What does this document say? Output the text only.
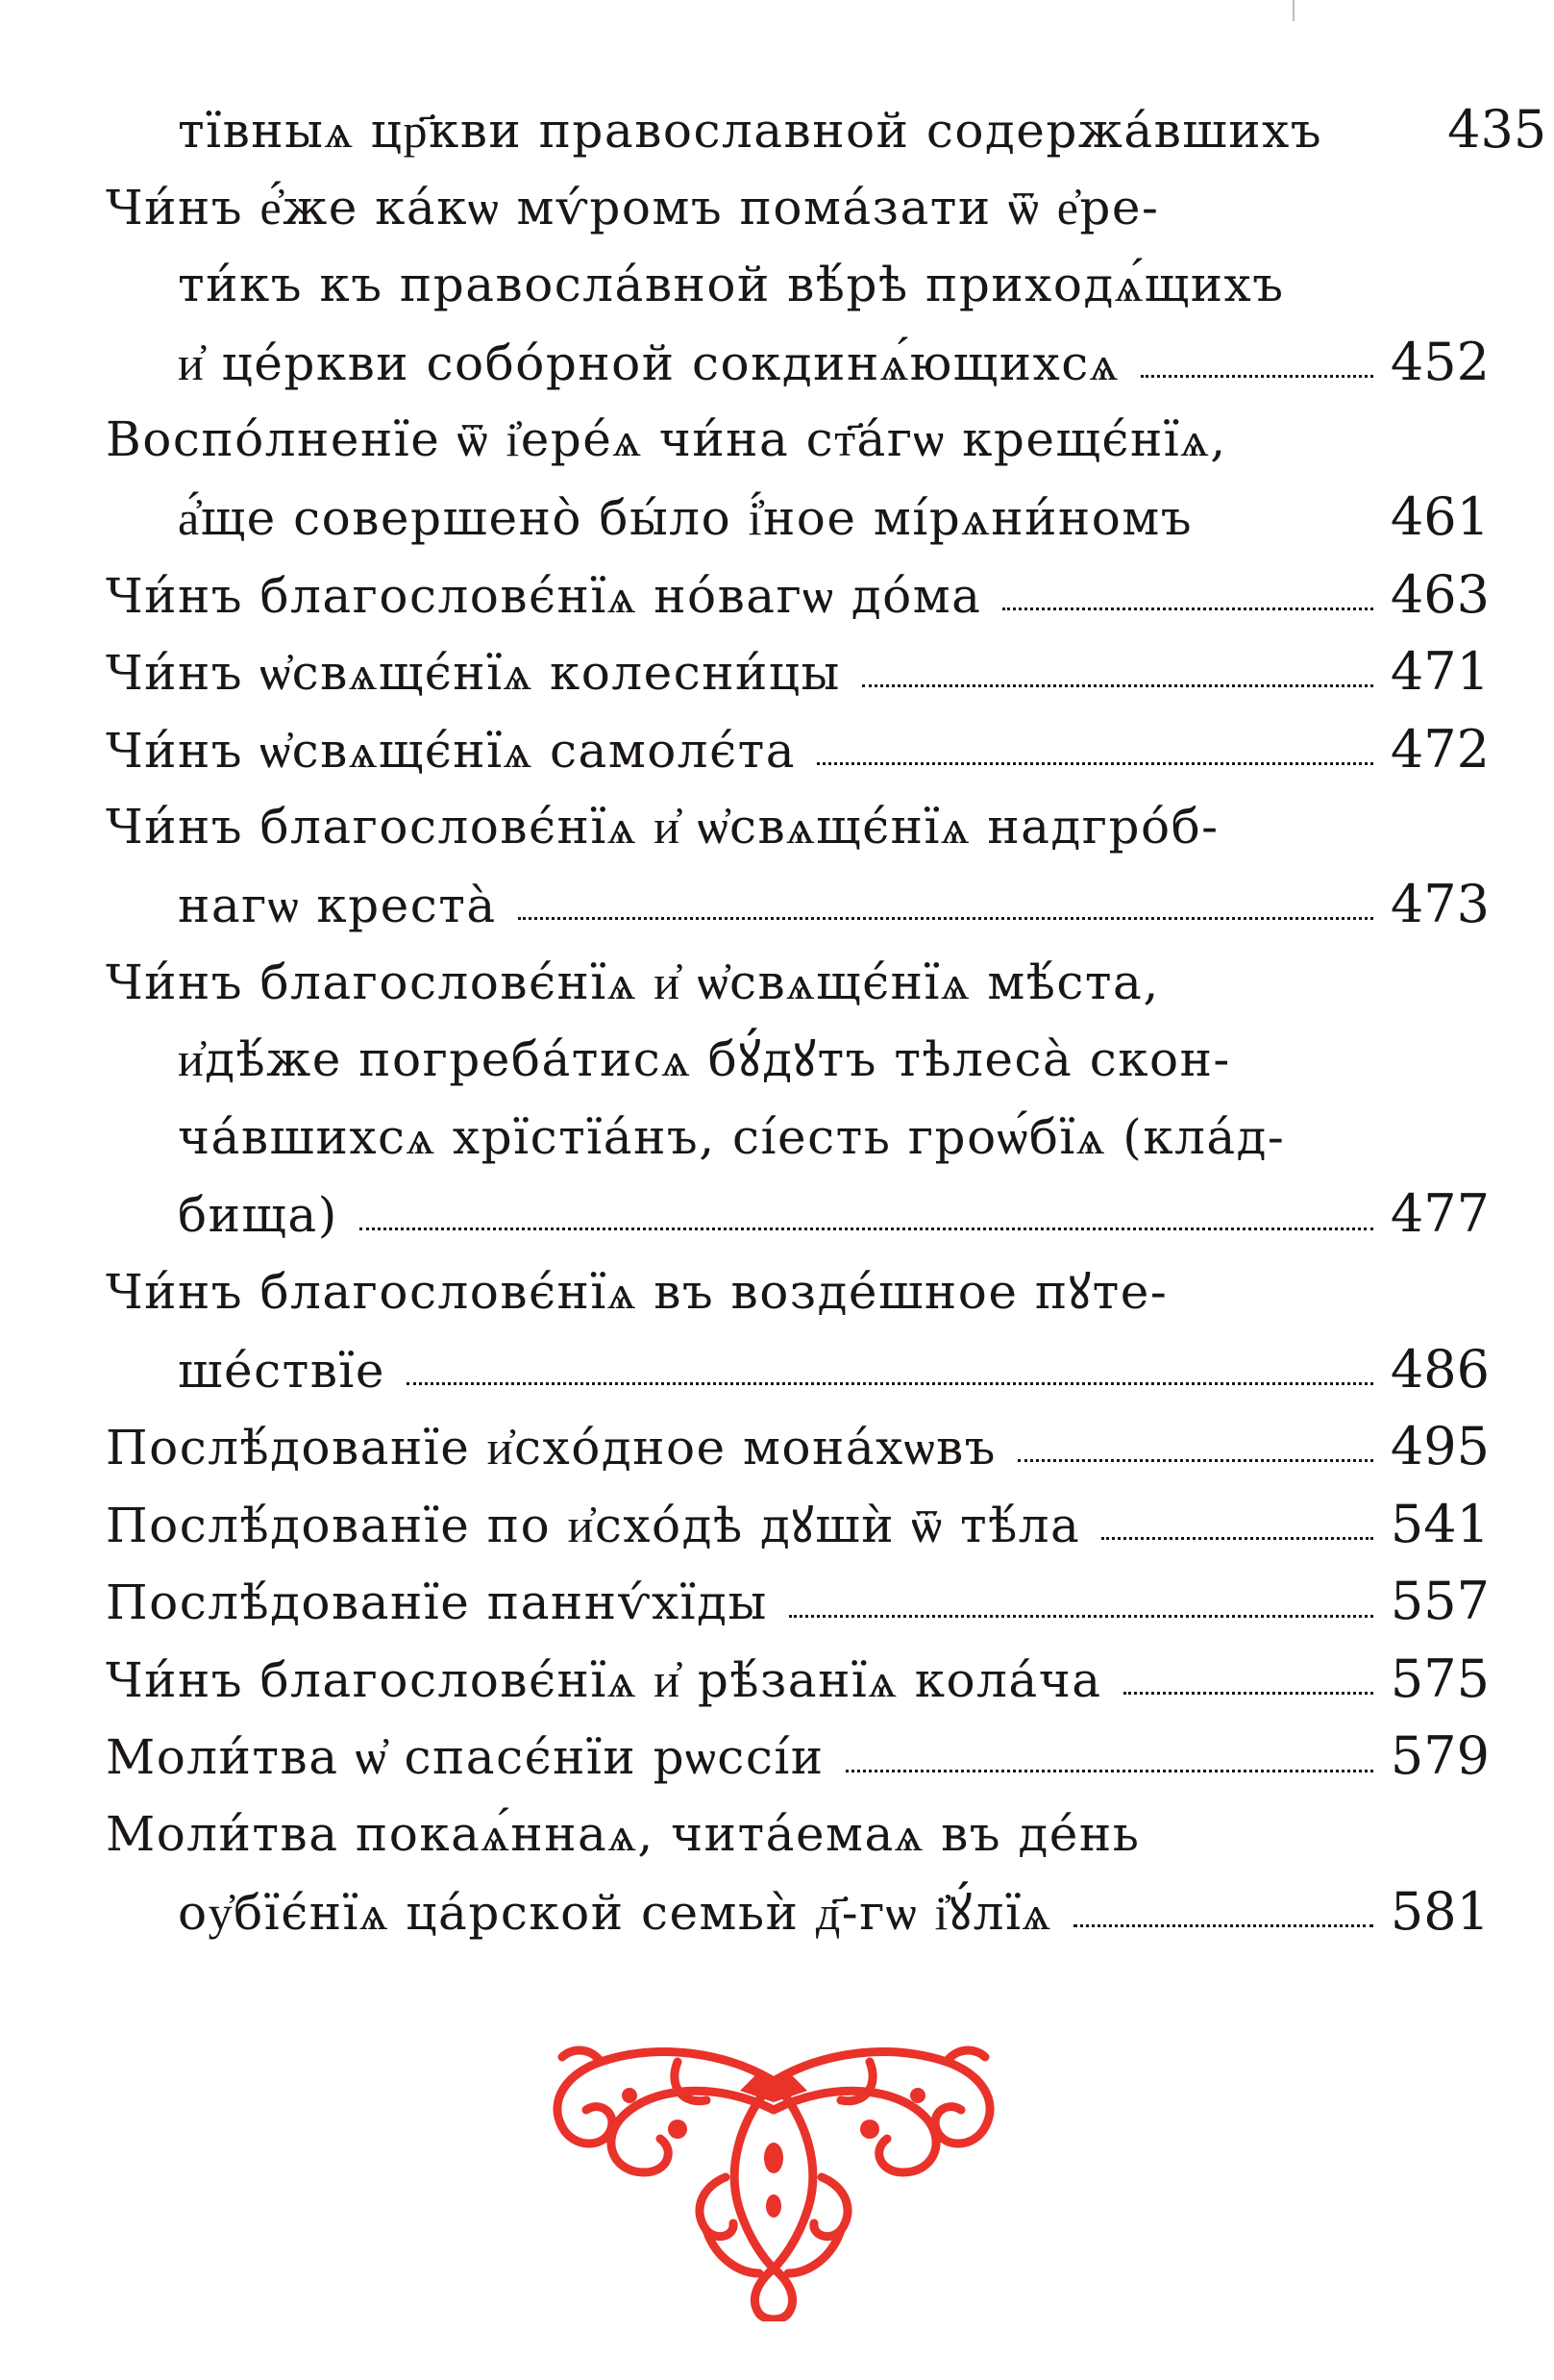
тївныѧ цр҃кви православной содержа́вшихъ 435
Чи́нъ е҆́же ка́кѡ мѵ́ромъ пома́зати ѿ е҆ре-
ти́къ къ правосла́вной вѣ́рѣ приходѧ́щихъ
и҆ це́ркви собо́рной сокдинѧ́ющихсѧ	452
Воспо́лненїе ѿ і҆ере́ѧ чи́на ст҃а́гѡ крещє́нїѧ,
а҆́ще совершено̀ бы́ло і҆́ное мі́рѧни́номъ	461
Чи́нъ благословє́нїѧ но́вагѡ до́ма	463
Чи́нъ ѡ҆свѧщє́нїѧ колесни́цы	471
Чи́нъ ѡ҆свѧщє́нїѧ самолє́та	472
Чи́нъ благословє́нїѧ и҆ ѡ҆свѧщє́нїѧ надгро́б-
нагѡ креста̀	473
Чи́нъ благословє́нїѧ и҆ ѡ҆свѧщє́нїѧ мѣ́ста,
и҆дѣ́же погреба́тисѧ бꙋ́дꙋтъ тѣлеса̀ скон-
ча́вшихсѧ хрїстїа́нъ, сі́есть гроѡ́бїѧ (кла́д-
бища)	477
Чи́нъ благословє́нїѧ въ возде́шное пꙋте-
ше́ствїе	486
Послѣ́дованїе и҆схо́дное мона́хѡвъ	495
Послѣ́дованїе по и҆схо́дѣ дꙋшѝ ѿ тѣ́ла	541
Послѣ́дованїе паннѵ́хїды	557
Чи́нъ благословє́нїѧ и҆ рѣ́занїѧ кола́ча	575
Моли́тва ѡ҆ спасє́нїи рѡссі́и	579
Моли́тва покаѧ́ннаѧ, чита́емаѧ въ де́нь
оу҆бїє́нїѧ ца́рской семьѝ д҃-гѡ і҆ꙋ́лїѧ	581
